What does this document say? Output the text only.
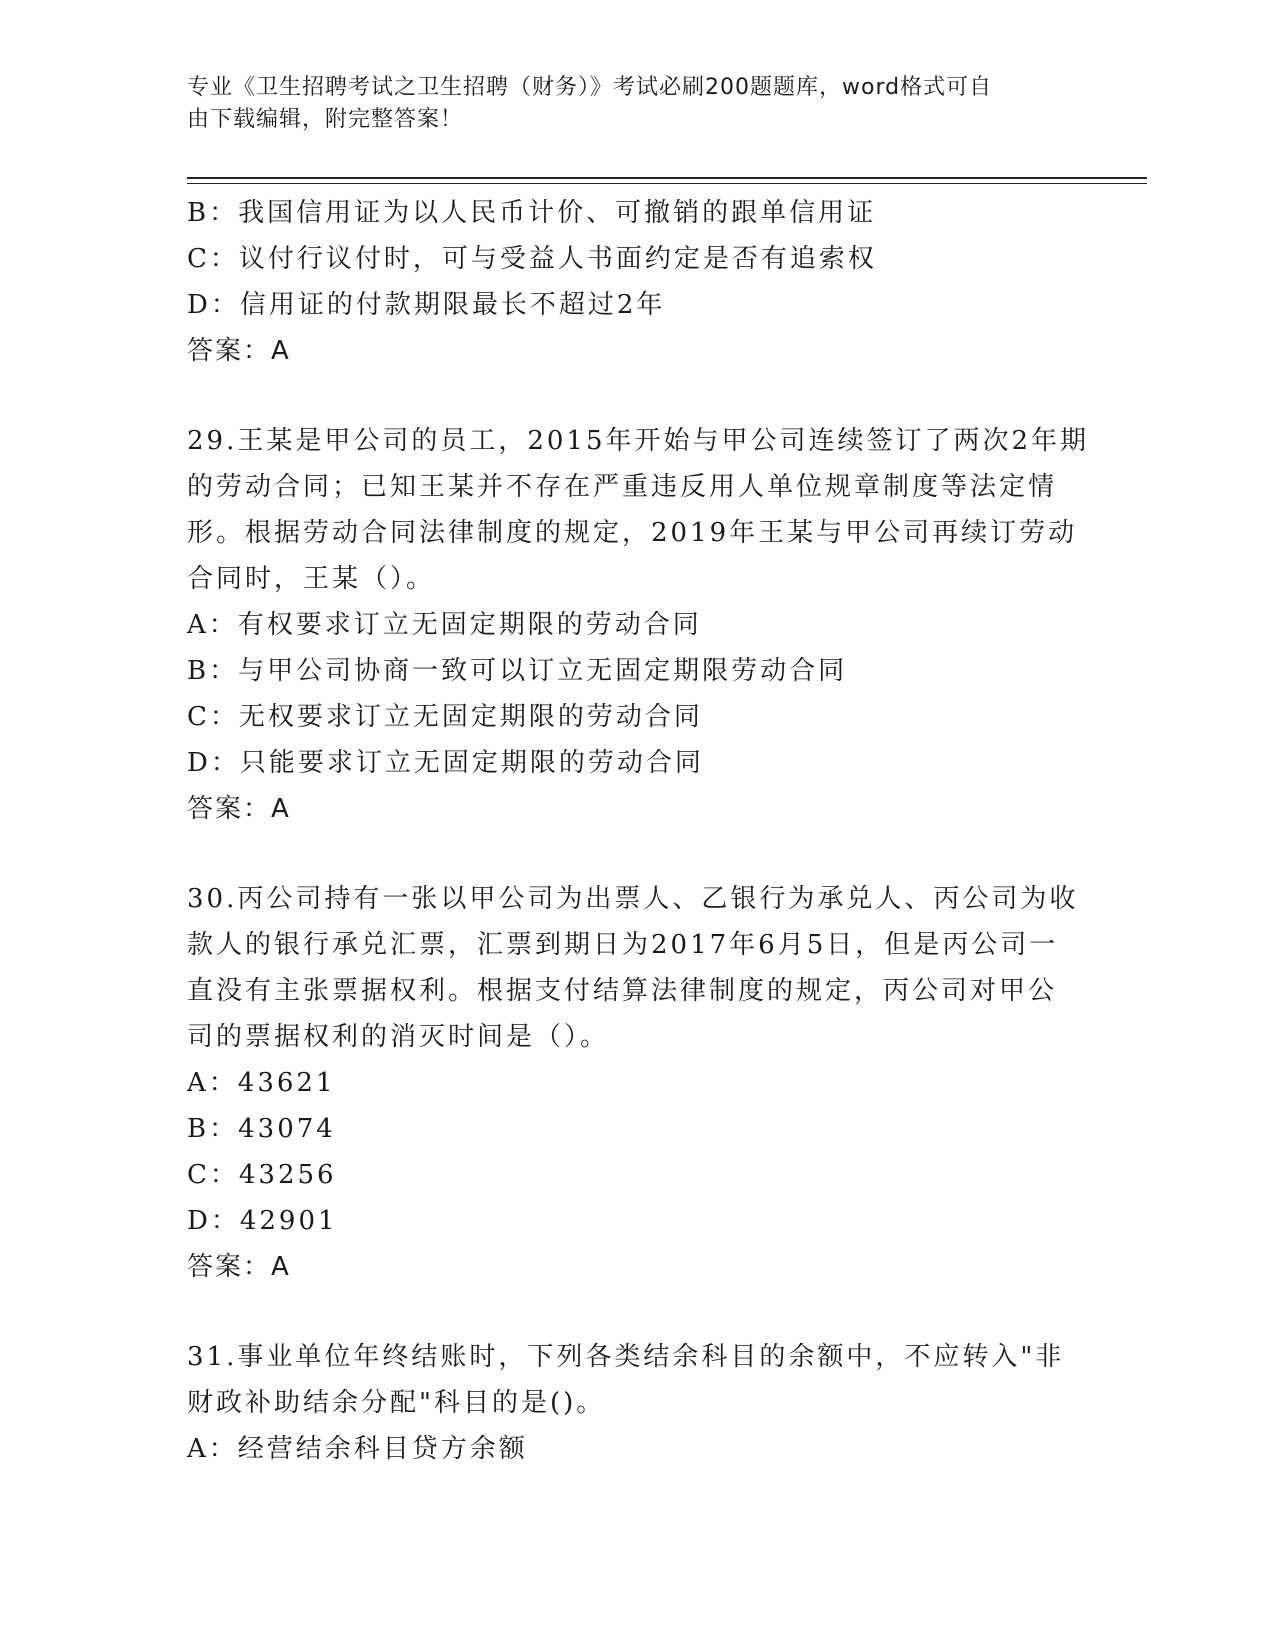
专业《卫生招聘考试之卫生招聘（财务）》考试必刷200题题库，word格式可自
由下载编辑，附完整答案！
B：我国信用证为以人民币计价、可撤销的跟单信用证
C：议付行议付时，可与受益人书面约定是否有追索权
D：信用证的付款期限最长不超过2年
答案：A
29.王某是甲公司的员工，2015年开始与甲公司连续签订了两次2年期
的劳动合同；已知王某并不存在严重违反用人单位规章制度等法定情
形。根据劳动合同法律制度的规定，2019年王某与甲公司再续订劳动
合同时，王某（）。
A：有权要求订立无固定期限的劳动合同
B：与甲公司协商一致可以订立无固定期限劳动合同
C：无权要求订立无固定期限的劳动合同
D：只能要求订立无固定期限的劳动合同
答案：A
30.丙公司持有一张以甲公司为出票人、乙银行为承兑人、丙公司为收
款人的银行承兑汇票，汇票到期日为2017年6月5日，但是丙公司一
直没有主张票据权利。根据支付结算法律制度的规定，丙公司对甲公
司的票据权利的消灭时间是（）。
A：43621
B：43074
C：43256
D：42901
答案：A
31.事业单位年终结账时，下列各类结余科目的余额中，不应转入"非
财政补助结余分配"科目的是()。
A：经营结余科目贷方余额
